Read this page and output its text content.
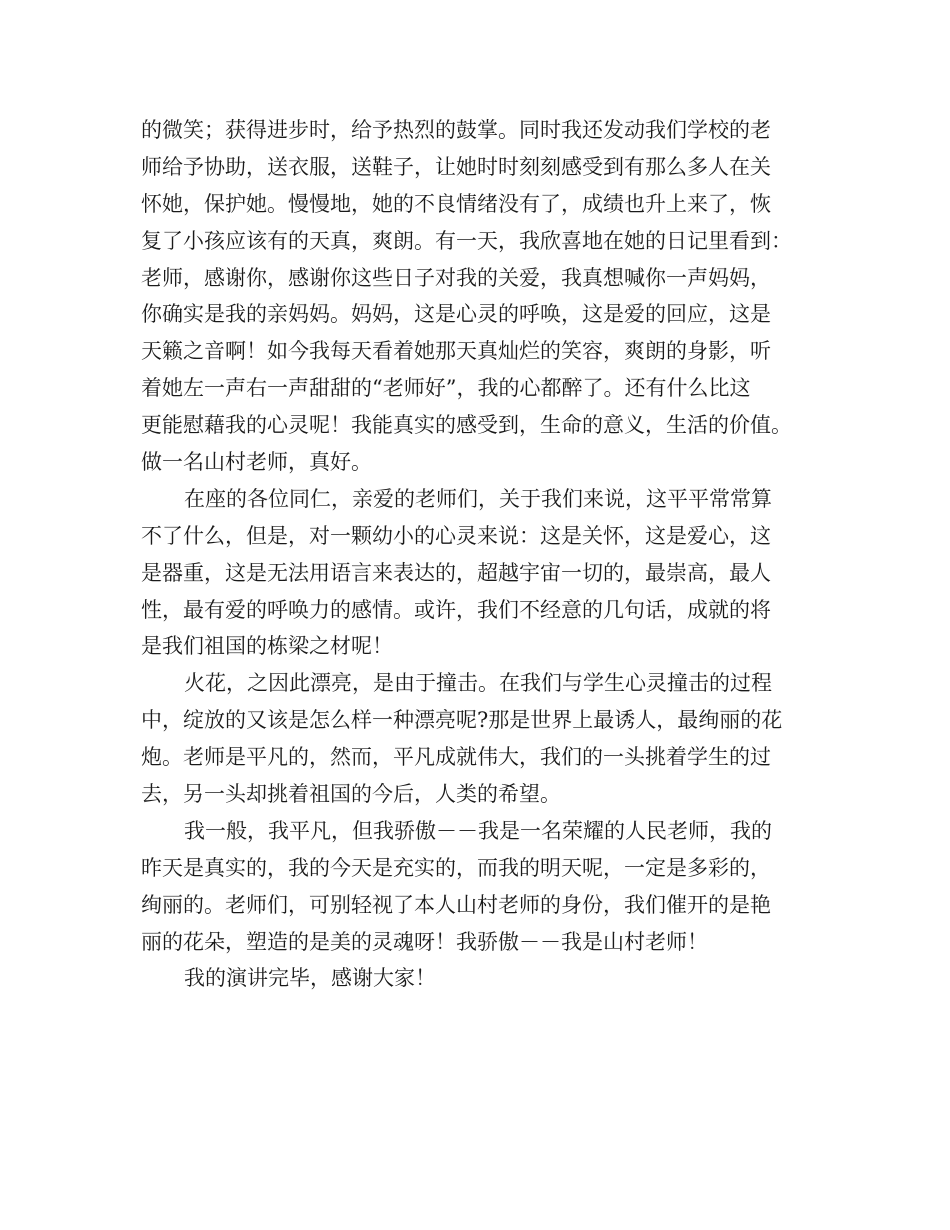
的微笑；获得进步时，给予热烈的鼓掌。同时我还发动我们学校的老
师给予协助，送衣服，送鞋子，让她时时刻刻感受到有那么多人在关
怀她，保护她。慢慢地，她的不良情绪没有了，成绩也升上来了，恢
复了小孩应该有的天真，爽朗。有一天，我欣喜地在她的日记里看到：
老师，感谢你，感谢你这些日子对我的关爱，我真想喊你一声妈妈，
你确实是我的亲妈妈。妈妈，这是心灵的呼唤，这是爱的回应，这是
天籁之音啊！如今我每天看着她那天真灿烂的笑容，爽朗的身影，听
着她左一声右一声甜甜的“老师好”，我的心都醉了。还有什么比这
更能慰藉我的心灵呢！我能真实的感受到，生命的意义，生活的价值。
做一名山村老师，真好。
在座的各位同仁，亲爱的老师们，关于我们来说，这平平常常算
不了什么，但是，对一颗幼小的心灵来说：这是关怀，这是爱心，这
是器重，这是无法用语言来表达的，超越宇宙一切的，最崇高，最人
性，最有爱的呼唤力的感情。或许，我们不经意的几句话，成就的将
是我们祖国的栋梁之材呢！
火花，之因此漂亮，是由于撞击。在我们与学生心灵撞击的过程
中，绽放的又该是怎么样一种漂亮呢?那是世界上最诱人，最绚丽的花
炮。老师是平凡的，然而，平凡成就伟大，我们的一头挑着学生的过
去，另一头却挑着祖国的今后，人类的希望。
我一般，我平凡，但我骄傲－－我是一名荣耀的人民老师，我的
昨天是真实的，我的今天是充实的，而我的明天呢，一定是多彩的，
绚丽的。老师们，可别轻视了本人山村老师的身份，我们催开的是艳
丽的花朵，塑造的是美的灵魂呀！我骄傲－－我是山村老师！
我的演讲完毕，感谢大家！
